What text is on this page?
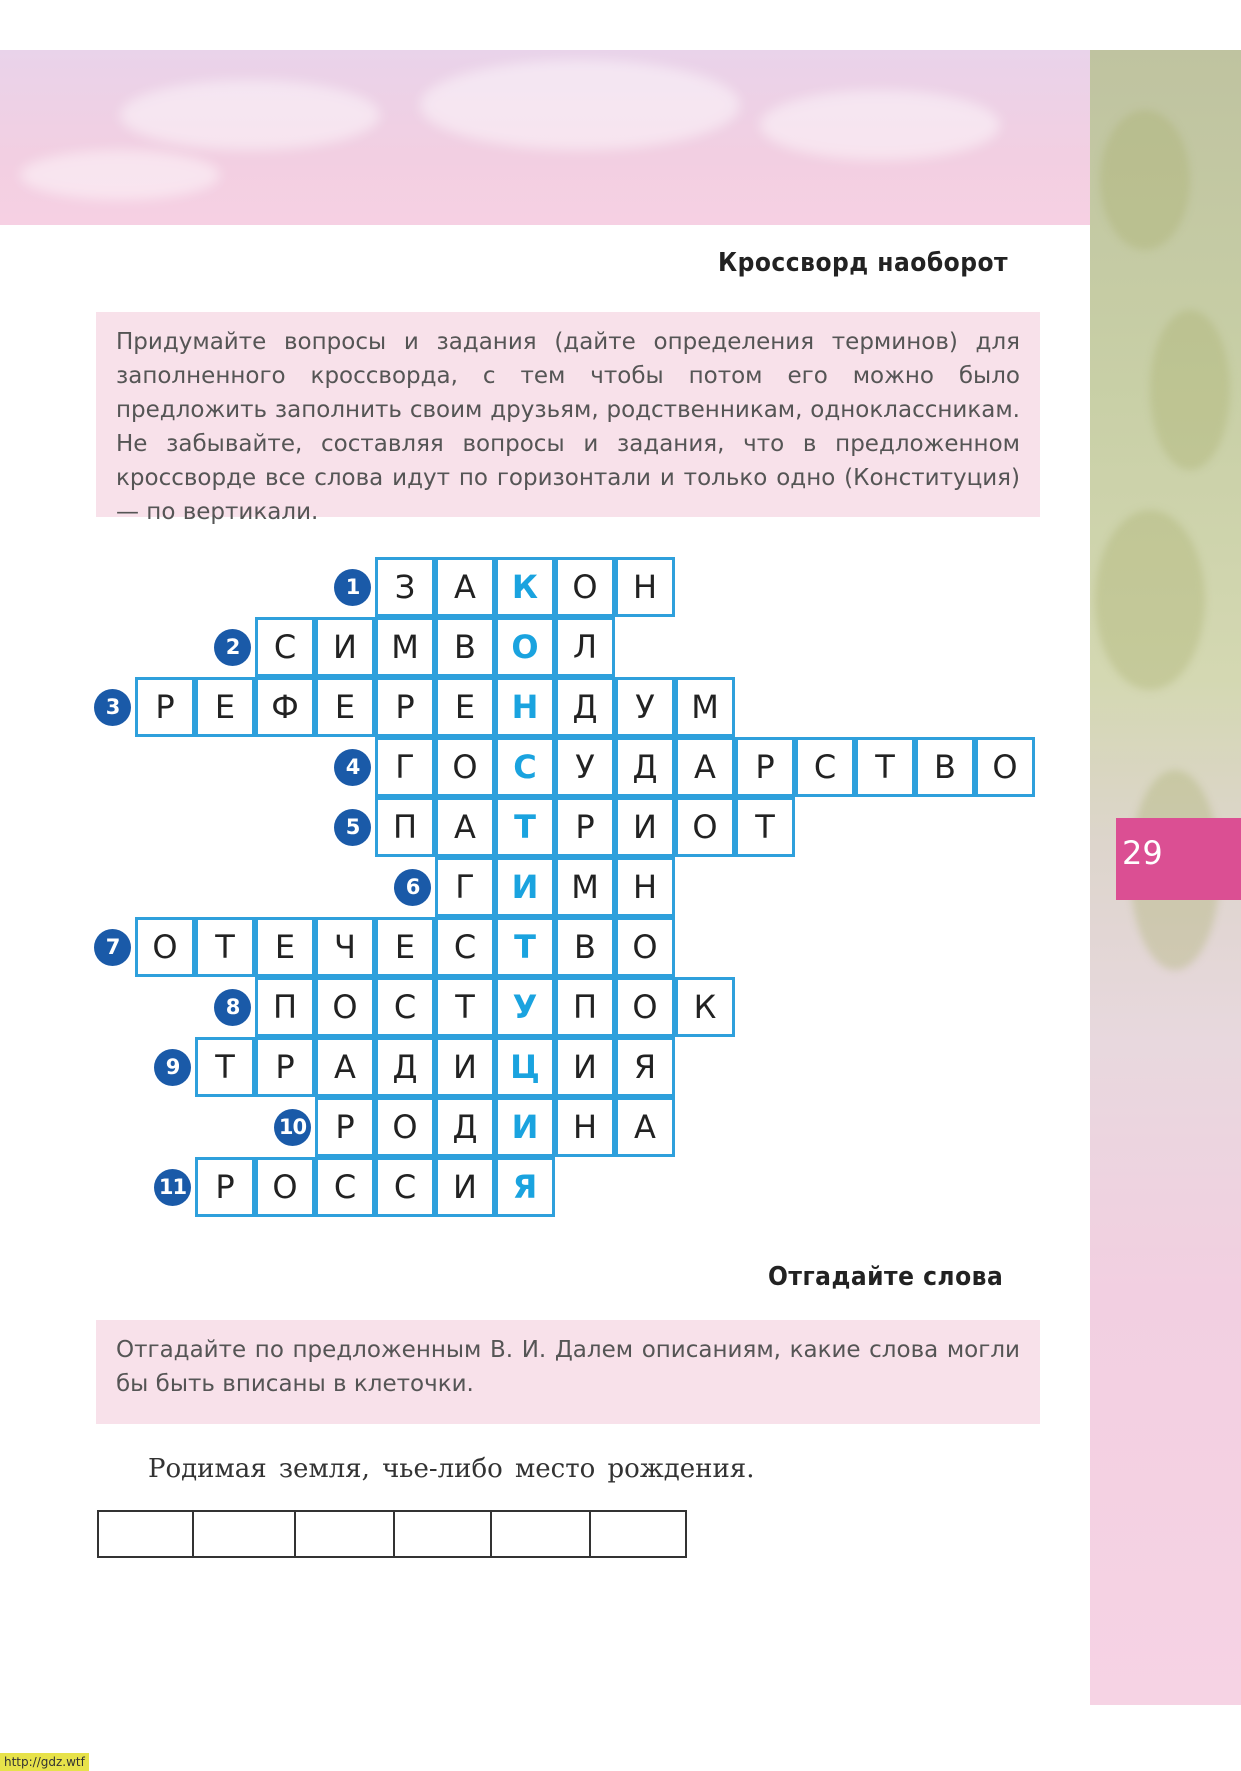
29
Кроссворд наоборот

Придумайте вопросы и задания (дайте определения терминов) для заполненного кроссворда, с тем чтобы потом его можно было предложить заполнить своим друзьям, родственникам, одноклассникам. Не забывайте, составляя вопросы и задания, что в предложенном кроссворде все слова идут по горизонтали и только одно (Конституция) — по вертикали.

1	З	А	К	О	Н
2	С	И	М	В	О	Л
3	Р	Е	Ф	Е	Р	Е	Н	Д	У	М
4	Г	О	С	У	Д	А	Р	С	Т	В	О
5	П	А	Т	Р	И	О	Т
6	Г	И	М	Н
7	О	Т	Е	Ч	Е	С	Т	В	О
8	П	О	С	Т	У	П	О	К
9	Т	Р	А	Д	И	Ц	И	Я
10 Р	О	Д	И	Н	А
11 Р	О	С	С	И	Я
Отгадайте слова

Отгадайте по предложенным В. И. Далем описаниям, какие слова могли бы быть вписаны в клеточки.

Родимая земля, чье-либо место рождения.
http://gdz.wtf
